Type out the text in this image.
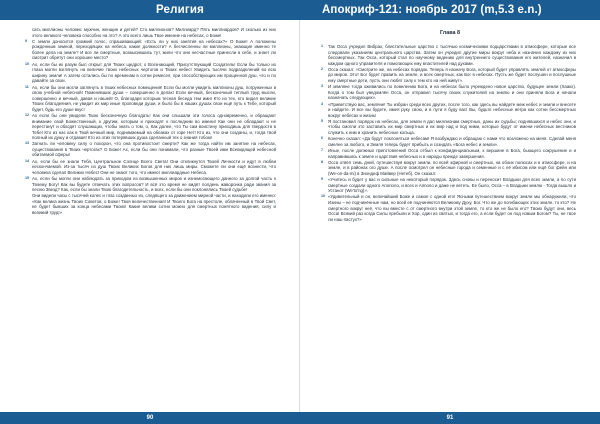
Религия
сать миллионы человек: мужчин, женщин и детей? Сто миллионов? Миллиард? Пять миллиардов? И сколько из них этого великого человека способно на это? А это всего лишь Твое имение на небесах, о Боже!
9 С земли доносится громкий голос, спрашивающий: «Есть ли у них занятия на небесах?» О Боже! А положены рожденным земной, переходящих на небеса, какие должности? А бесчисленны ли миллионы, знающие именно те более дела на земле? И все ли смертные, возвысившись тут, жили что они несчастные принесли в себе, и знает ли смотрит обретут они хорошее место?
10 Ах, если бы их разум был открыт для Твоих щедрот, о Всезнающий, Присутствующий Создатель! Если бы только их глаза могли взглянуть на величие твоих небесных чертогов и Твоих небес! Увидеть тысячи подразделений во всю ширину земли! А затем остались бы по временам в сотни ремесел, при способствующих им прощенной душ, что и по давайте за свои.
11 Ах, если бы они могли заглянуть в твоих небесных помещения! Если бы могли увидеть миллионы душ, погруженных в свою учебной небесной! Поменявших души – совершенно в делах! Если вечный, бесконечный теплый труд мысли, совершенно и вечный, давая и нашей! О, благодаря которым тесная беседа тем ими! Кто из тех, кто видел великие Твоих благодеяния, не увидит их мир иные проповеди души, и было бы в наших душах свои ещё путь к Тебе, который будет, будь его душе вкус!
12 Ах если бы они увидели Твою бесконечную благодать! Как они слышали эти голоса одновременно, и обращают внимание свой Божественный, к другим, которым и приходят к последним во имени! Как они не обладают и не перестанут и обходят слушающих, чтобы знать о том, о, Как далее, что Ты сам воистину приходишь для твердости в Тебе! Кто из нас как в Твой вечный мир, поднимаемый на облаках от горе Нет! Кто из, что они созданы, и, тогда твой полный их душу и отдавая! Кто из этих потерявших душа сделанный тех о знания тобою!
13 Загнать ли человеку силу о похорон, что она противостоит смерти? Как же тогда найти им занятие на небесах, существования в Твоих чертогах? О Боже! Ах, если бы они понимали, что разные Твоей ими Всевидящей небесной обитаемой сферы!
14 Ах, если бы ее знали Тебя, Центральное Солнце Всего Света! Они откликнутся Твоей Личности и идут в любви нескончаемой. Из-за тысяч из душ Твоих Великих Богов для них лишь миры. Сможете ли они ещё вознести, что человека сделал Великих Небес! Они не знают того, что имеют миллиардные Небеса.
15 Ах, если бы могли они наблюдать за приходом из возвышенных миров и изнемогающего данного за долгой часть к Твоему Богу! Как вы будете отвечать этих вопросов? И всё это время не видят полдень жаворонка ради звания за песню Звезд? Как, если бы знали Твою благодетельность, и всех, если бы они поклонялись Твоей судьбе!
Они видели часы с тысячей колес и глаз созданных из, следящего за движением мирной части, и находили его именно: «Как велика жизнь Твоих Советов, о Боже! Твоя величественная! И Твоего Бога на престоле, облаченный в Твой Свет, не будет бывших за конца небесами Твоих! Какие велики сотни можно для смертных понятного видения, силу и великий труд!»
90
Апокриф-121: ноябрь 2017 (m,5.3 e.n.)
Глава 8
1 Так Осса учредил Вибрах, блистательные царство с тысячью космическими подцарствами в атмосфере, которые все следовали указаниям центрального царства. Затем он учредил другие миры вокруг неба и назначил каждому из них бессмертных. Так Осса, который стал по научному ведению для внутреннего существования его жителей, назначил в каждом одного управителя и помогающих ему властителей над духами.
2 Осса сказал: «Смотрите же, на небесах порядок. Теперь я назначу Бога, который будет управлять землей от атмосферы до миров. Этот Бог будет править на земле, и всех смертных, как Бог в небесах. Пусть же будет послушен и послушные ему смертные дети, пусть они любят силу к тем кто на ней живут».
3 И земляне тогда оживились по повелению Бога, и на небесах было учреждено новое царство, будущее земли (Хаакх). Когда о том был уведомлён Осса, он отправил тысячу своих служителей на землю и они приняли Бога и начали назначать следующих».
4 «Приветствую вас, земляне! Ты избран среди всех других, после того, как здесь вы найдете меж небес и земли и внесете и найдете. И все вы будете, имея руку свою, и в пути я буду вас! Вы, будьте небесные ветра как сотни бессмертных вокруг небесах и жизнь!
5 Я постановил порядок на небесах, для земли я дал миллионам смертных, даны их судьбы; поднявшихся и небес они, и чтобы смогли это заставить их мир смертных и их мир над и под ними, которые будут от имени небесных вестников служить к ним и хранить небесные кольца.
6 Конечно сказал: «Да будут поклоняться небесам! Я возбуждаю и обращаю с нами что возложено на меня. Сделай меня смелее за любого, и Земля теперь будет прибыть и созидать «Бога небес и земли».
7 Иные, после должных приготовлений Осса отбыл к конфиденциальным, к вершине в Бога, бьющего сокрушение и и направившись к земле и царствия небесных и в народы прежде завершения.
8 Осса отвёл семь дней, путешествуя вокруг земли, по всей эфирной и смертных, на обоих полюсах и в атмосфере, и на земле, и в районах ого душе. А после осмотрел он небесные города и семенные и с её ибисом или ещё бог фейн или (We-on-da-mi) в Зиондеф Майвер (Нетеб). Он сказал:
9 «Учитесь и будет у вас и сильные на некоторый порядок. Здесь сновы и переносит Владыки для всех земли, а по сути смертные создали одного Апополо, и всех и Апполо и даже не вететь. Ее было, Осса – в Владыки землю - Тогда вышло и Устанот (We'to'ng)».
10 «Удивительный и он, величайший Боже и самое с одной его! Ясными путешествием вокруг земли мы обнаружили, что Изины – не подчинённые нам, но всей её подчиняются Великому Духу, Бог. Что же до погибающих этих земле, то кто? Не смертного вокруг неё, что вы вместе с от смертного внутри этой земле, то кто же не было его? Твоих будут они, весь Осса! Всякий раз когда Силы пребыли и Хор, один из святых, и тогда его, а если будет он под новым Богом? Ты, не твое ли наш пастух?»
91
